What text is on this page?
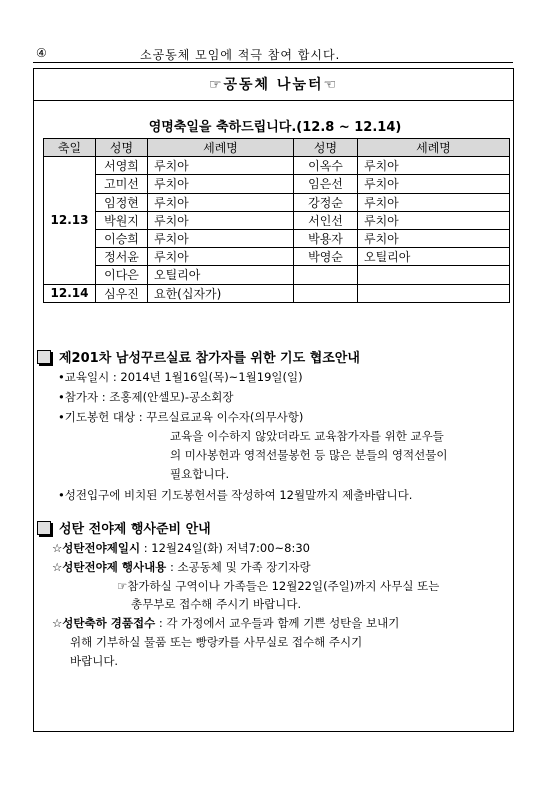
④	소공동체 모임에 적극 참여 합시다.
☞공동체 나눔터☜
영명축일을 축하드립니다.(12.8 ~ 12.14)
축일	성명	세례명	성명	세례명
12.13	서영희	루치아	이옥수	루치아
	고미선	루치아	임은선	루치아
	임정현	루치아	강정순	루치아
	박원지	루치아	서인선	루치아
	이승희	루치아	박용자	루치아
	정서윤	루치아	박영순	오틸리아
	이다은	오틸리아		
12.14	심우진	요한(십자가)		
제201차 남성꾸르실료 참가자를 위한 기도 협조안내
•교육일시 : 2014년 1월16일(목)~1월19일(일)
•참가자 : 조홍제(안셀모)-공소회장
•기도봉헌 대상 : 꾸르실료교육 이수자(의무사항)
교육을 이수하지 않았더라도 교육참가자를 위한 교우들
의 미사봉헌과 영적선물봉헌 등 많은 분들의 영적선물이
필요합니다.
•성전입구에 비치된 기도봉헌서를 작성하여 12월말까지 제출바랍니다.
성탄 전야제 행사준비 안내
☆성탄전야제일시 : 12월24일(화) 저녁7:00~8:30
☆성탄전야제 행사내용 : 소공동체 및 가족 장기자랑
☞참가하실 구역이나 가족들은 12월22일(주일)까지 사무실 또는
총무부로 접수해 주시기 바랍니다.
☆성탄축하 경품접수 : 각 가정에서 교우들과 함께 기쁜 성탄을 보내기
위해 기부하실 물품 또는 빵랑카를 사무실로 접수해 주시기
바랍니다.
